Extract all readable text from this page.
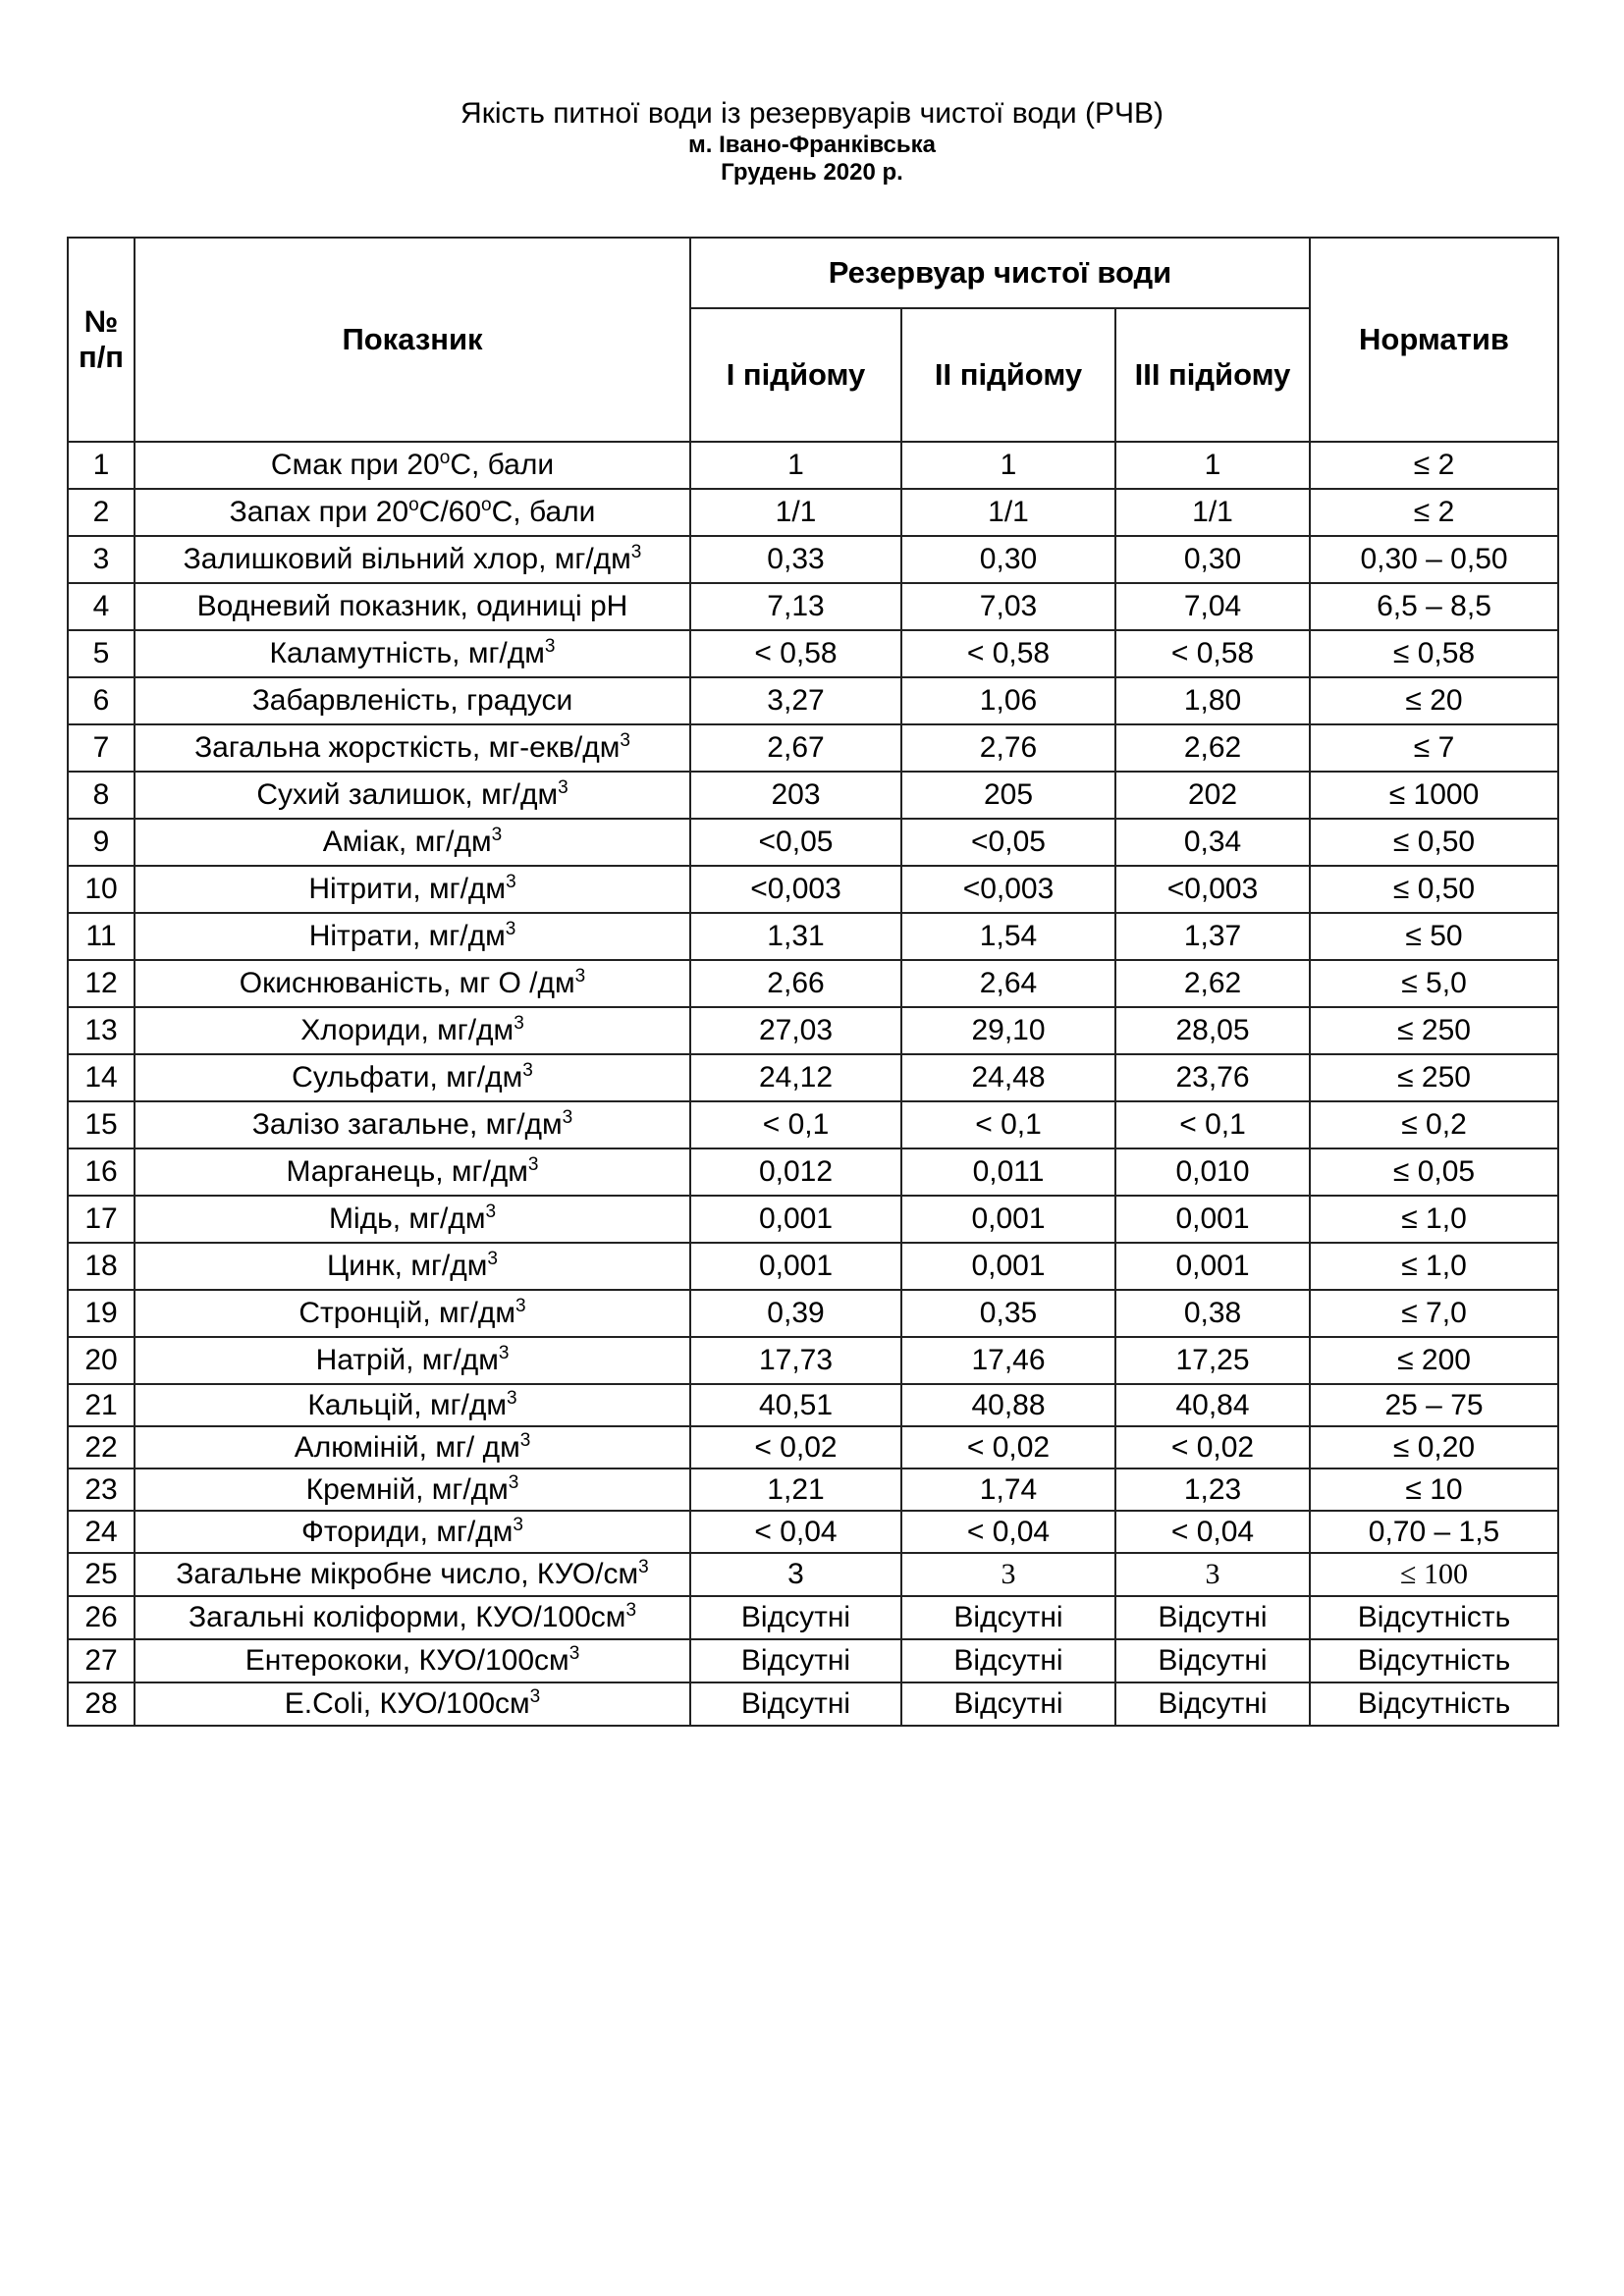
Якість питної води із резервуарів чистої води (РЧВ)
м. Івано-Франківська
Грудень 2020 р.
№
п/п	Показник	Резервуар чистої води			Норматив
		І підйому	ІІ підйому	ІІІ підйому	
1	Смак при $20^оС$, бали	1	1	1	≤ 2
2	Запах при $20^оС/60^оС$, бали	1/1	1/1	1/1	≤ 2
3	Залишковий вільний хлор, $мг/дм^3$	0,33	0,30	0,30	0,30 – 0,50
4	Водневий показник, одиниці pH	7,13	7,03	7,04	6,5 – 8,5
5	Каламутність, $мг/дм^3$	< 0,58	< 0,58	< 0,58	≤ 0,58
6	Забарвленість, градуси	3,27	1,06	1,80	≤ 20
7	Загальна жорсткість, $мг-екв/дм^3$	2,67	2,76	2,62	≤ 7
8	Сухий залишок, $мг/дм^3$	203	205	202	≤ 1000
9	Аміак, $мг/дм^3$	<0,05	<0,05	0,34	≤ 0,50
10	Нітрити, $мг/дм^3$	<0,003	<0,003	<0,003	≤ 0,50
11	Нітрати, $мг/дм^3$	1,31	1,54	1,37	≤ 50
12	Окиснюваність, мг О $/дм^3$	2,66	2,64	2,62	≤ 5,0
13	Хлориди, $мг/дм^3$	27,03	29,10	28,05	≤ 250
14	Сульфати, $мг/дм^3$	24,12	24,48	23,76	≤ 250
15	Залізо загальне, $мг/дм^3$	< 0,1	< 0,1	< 0,1	≤ 0,2
16	Марганець, $мг/дм^3$	0,012	0,011	0,010	≤ 0,05
17	Мідь, $мг/дм^3$	0,001	0,001	0,001	≤ 1,0
18	Цинк, $мг/дм^3$	0,001	0,001	0,001	≤ 1,0
19	Стронцій, $мг/дм^3$	0,39	0,35	0,38	≤ 7,0
20	Натрій, $мг/дм^3$	17,73	17,46	17,25	≤ 200
21	Кальцій, $мг/дм^3$	40,51	40,88	40,84	25 – 75
22	Алюміній, мг/ $дм^3$	< 0,02	< 0,02	< 0,02	≤ 0,20
23	Кремній, $мг/дм^3$	1,21	1,74	1,23	≤ 10
24	Фториди, $мг/дм^3$	< 0,04	< 0,04	< 0,04	0,70 – 1,5
25	Загальне мікробне число, КУО/$см^3$	3	3	3	≤ 100
26	Загальні коліформи, КУО/$100см^3$	Відсутні	Відсутні	Відсутні	Відсутність
27	Ентерококи, КУО/$100см^3$	Відсутні	Відсутні	Відсутні	Відсутність
28	E.Coli, КУО/$100см^3$	Відсутні	Відсутні	Відсутні	Відсутність
